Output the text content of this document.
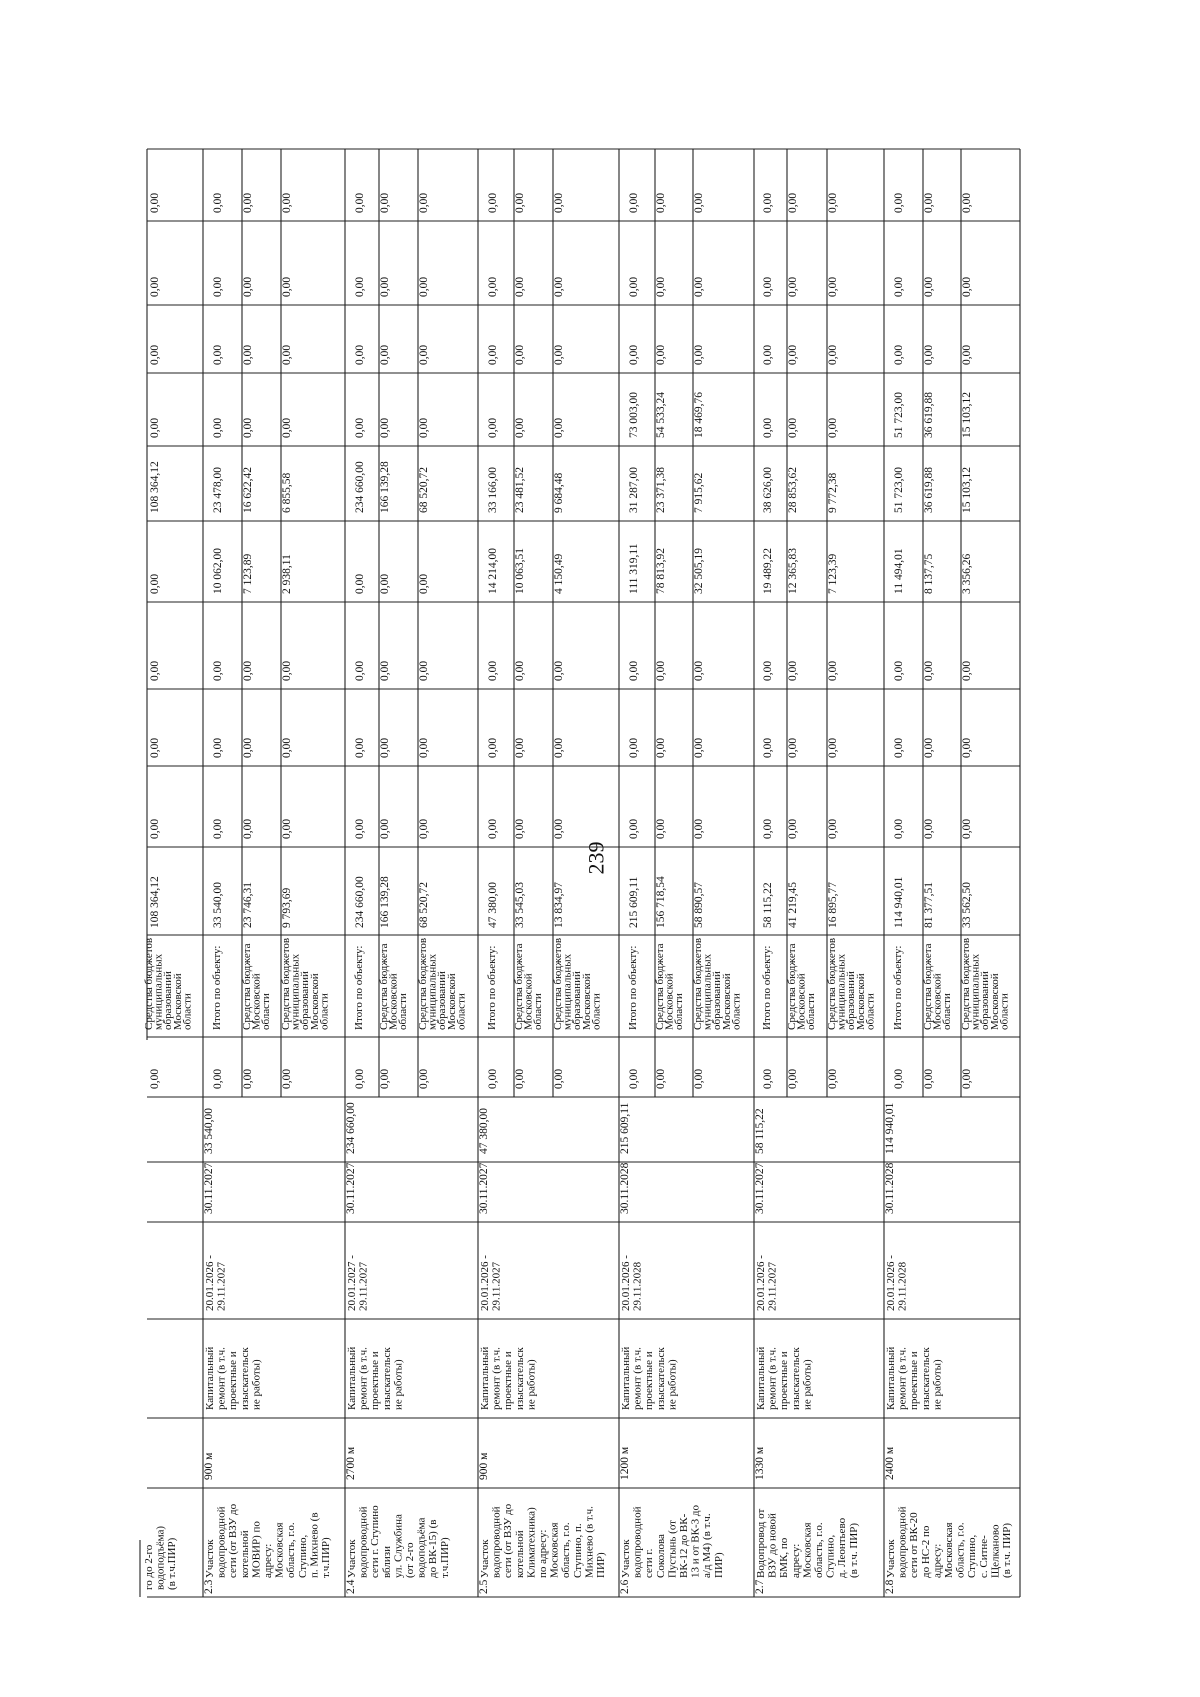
239
го до 2-го водоподъёма) (в т.ч.ПИР)
Средства бюджетов
муниципальных
образований
Московской
области
0,00
108 364,12
0,00
0,00
0,00
0,00
108 364,12
0,00
0,00
0,00
0,00
2.3
Участок водопроводной сети (от ВЗУ до котельной МОВИР) по адресу: Московская область, г.о. Ступино, п. Михнево (в т.ч.ПИР)
900 м
Капитальный ремонт (в т.ч. проектные и изыскательск ие работы)
20.01.2026 - 29.11.2027
30.11.2027
33 540,00
0,00
Итого по объекту:
33 540,00
0,00
0,00
0,00
10 062,00
23 478,00
0,00
0,00
0,00
0,00
0,00
Средства бюджета
Московской
области
23 746,31
0,00
0,00
0,00
7 123,89
16 622,42
0,00
0,00
0,00
0,00
0,00
Средства бюджетов
муниципальных
образований
Московской
области
9 793,69
0,00
0,00
0,00
2 938,11
6 855,58
0,00
0,00
0,00
0,00
2.4
Участок водопроводной сети г. Ступино вблизи ул. Службина (от 2-го водоподъёма до ВК-15) (в т.ч.ПИР)
2700 м
Капитальный ремонт (в т.ч. проектные и изыскательск ие работы)
20.01.2027 - 29.11.2027
30.11.2027
234 660,00
0,00
Итого по объекту:
234 660,00
0,00
0,00
0,00
0,00
234 660,00
0,00
0,00
0,00
0,00
0,00
Средства бюджета
Московской
области
166 139,28
0,00
0,00
0,00
0,00
166 139,28
0,00
0,00
0,00
0,00
0,00
Средства бюджетов
муниципальных
образований
Московской
области
68 520,72
0,00
0,00
0,00
0,00
68 520,72
0,00
0,00
0,00
0,00
2.5
Участок водопроводной сети (от ВЗУ до котельной Климатехника) по адресу: Московская область, г.о. Ступино, п. Михнево (в т.ч. ПИР)
900 м
Капитальный ремонт (в т.ч. проектные и изыскательск ие работы)
20.01.2026 - 29.11.2027
30.11.2027
47 380,00
0,00
Итого по объекту:
47 380,00
0,00
0,00
0,00
14 214,00
33 166,00
0,00
0,00
0,00
0,00
0,00
Средства бюджета
Московской
области
33 545,03
0,00
0,00
0,00
10 063,51
23 481,52
0,00
0,00
0,00
0,00
0,00
Средства бюджетов
муниципальных
образований
Московской
области
13 834,97
0,00
0,00
0,00
4 150,49
9 684,48
0,00
0,00
0,00
0,00
2.6
Участок водопроводной сети г. Соколова Пустынь (от ВК-12 до ВК- 13 и от ВК-3 до а/д М4) (в т.ч. ПИР)
1200 м
Капитальный ремонт (в т.ч. проектные и изыскательск ие работы)
20.01.2026 - 29.11.2028
30.11.2028
215 609,11
0,00
Итого по объекту:
215 609,11
0,00
0,00
0,00
111 319,11
31 287,00
73 003,00
0,00
0,00
0,00
0,00
Средства бюджета
Московской
области
156 718,54
0,00
0,00
0,00
78 813,92
23 371,38
54 533,24
0,00
0,00
0,00
0,00
Средства бюджетов
муниципальных
образований
Московской
области
58 890,57
0,00
0,00
0,00
32 505,19
7 915,62
18 469,76
0,00
0,00
0,00
2.7
Водопровод от ВЗУ до новой БМК, по адресу: Московская область, г.о. Ступино, д. Леонтьево (в т.ч. ПИР)
1330 м
Капитальный ремонт (в т.ч. проектные и изыскательск ие работы)
20.01.2026 - 29.11.2027
30.11.2027
58 115,22
0,00
Итого по объекту:
58 115,22
0,00
0,00
0,00
19 489,22
38 626,00
0,00
0,00
0,00
0,00
0,00
Средства бюджета
Московской
области
41 219,45
0,00
0,00
0,00
12 365,83
28 853,62
0,00
0,00
0,00
0,00
0,00
Средства бюджетов
муниципальных
образований
Московской
области
16 895,77
0,00
0,00
0,00
7 123,39
9 772,38
0,00
0,00
0,00
0,00
2.8
Участок водопроводной сети от ВК-20 до НС-2 по адресу: Московская область, г.о. Ступино, с. Ситне- Щелканово (в т.ч. ПИР)
2400 м
Капитальный ремонт (в т.ч. проектные и изыскательск ие работы)
20.01.2026 - 29.11.2028
30.11.2028
114 940,01
0,00
Итого по объекту:
114 940,01
0,00
0,00
0,00
11 494,01
51 723,00
51 723,00
0,00
0,00
0,00
0,00
Средства бюджета
Московской
области
81 377,51
0,00
0,00
0,00
8 137,75
36 619,88
36 619,88
0,00
0,00
0,00
0,00
Средства бюджетов
муниципальных
образований
Московской
области
33 562,50
0,00
0,00
0,00
3 356,26
15 103,12
15 103,12
0,00
0,00
0,00
